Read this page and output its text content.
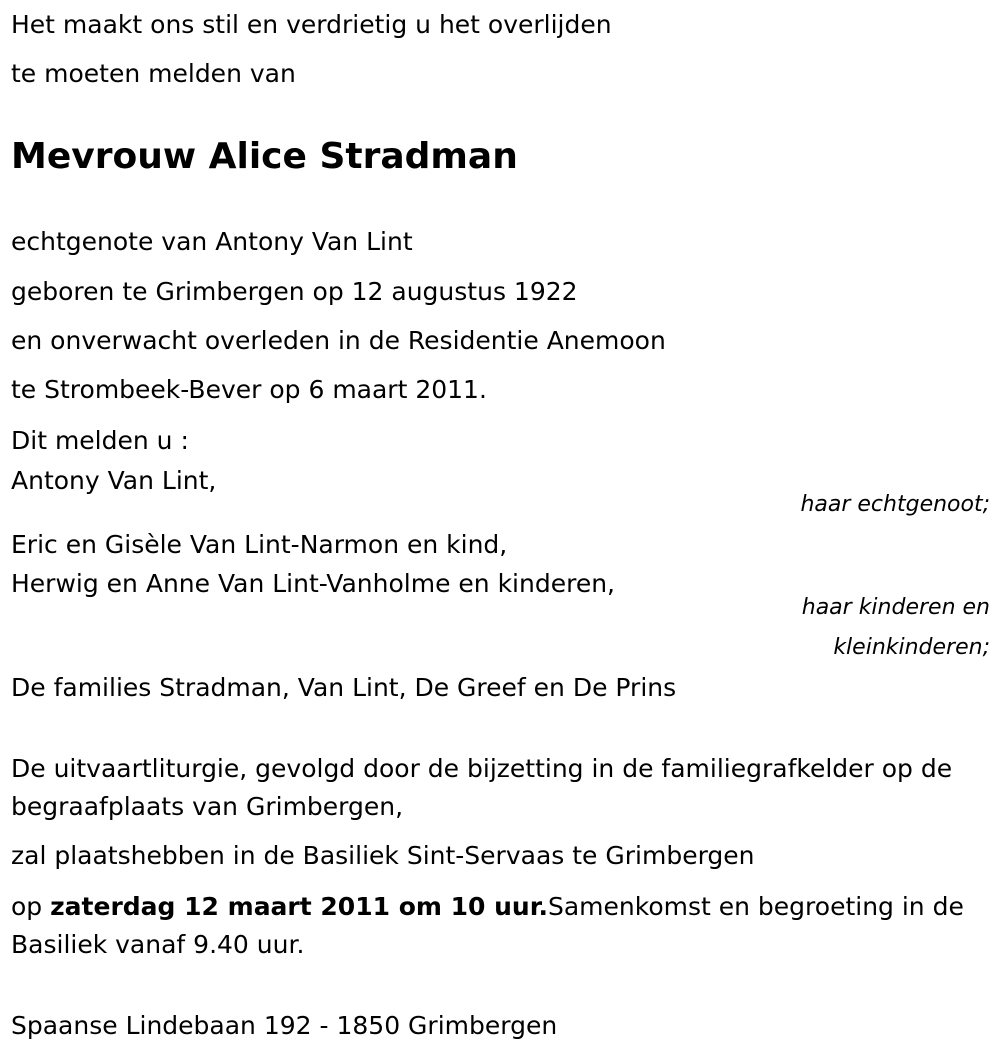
Het maakt ons stil en verdrietig u het overlijden

te moeten melden van

Mevrouw Alice Stradman

echtgenote van Antony Van Lint

geboren te Grimbergen op 12 augustus 1922

en onverwacht overleden in de Residentie Anemoon

te Strombeek-Bever op 6 maart 2011.

Dit melden u :

Antony Van Lint,

haar echtgenoot;

Eric en Gisèle Van Lint-Narmon en kind,

Herwig en Anne Van Lint-Vanholme en kinderen,

haar kinderen en
kleinkinderen;

De families Stradman, Van Lint, De Greef en De Prins

De uitvaartliturgie, gevolgd door de bijzetting in de familiegrafkelder op de begraafplaats van Grimbergen,

zal plaatshebben in de Basiliek Sint-Servaas te Grimbergen

op zaterdag 12 maart 2011 om 10 uur.Samenkomst en begroeting in de Basiliek vanaf 9.40 uur.

Spaanse Lindebaan 192 - 1850 Grimbergen
